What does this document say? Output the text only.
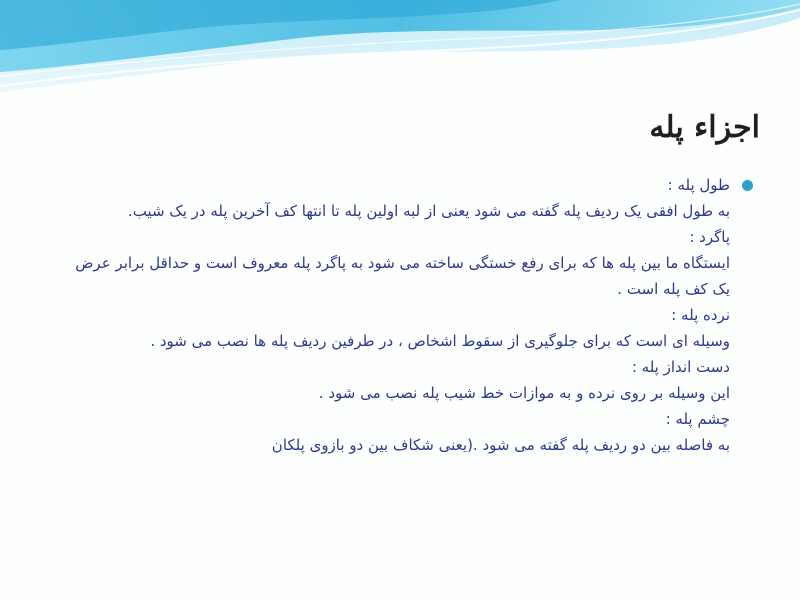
اجزاء پله
طول پله :
به طول افقی یک ردیف پله گفته می شود یعنی از لبه اولین پله تا انتها کف آخرین پله در یک شیب.
پاگرد :
ایستگاه ما بین پله ها که برای رفع خستگی ساخته می شود به پاگرد پله معروف است و حداقل برابر عرض یک کف پله است .
نرده پله :
وسیله ای است که برای جلوگیری از سقوط اشخاص ، در طرفین ردیف پله ها نصب می شود .
دست انداز پله :
این وسیله بر روی نرده و به موازات خط شیب پله نصب می شود .
چشم پله :
به فاصله بین دو ردیف پله گفته می شود .(یعنی شکاف بین دو بازوی پلکان
